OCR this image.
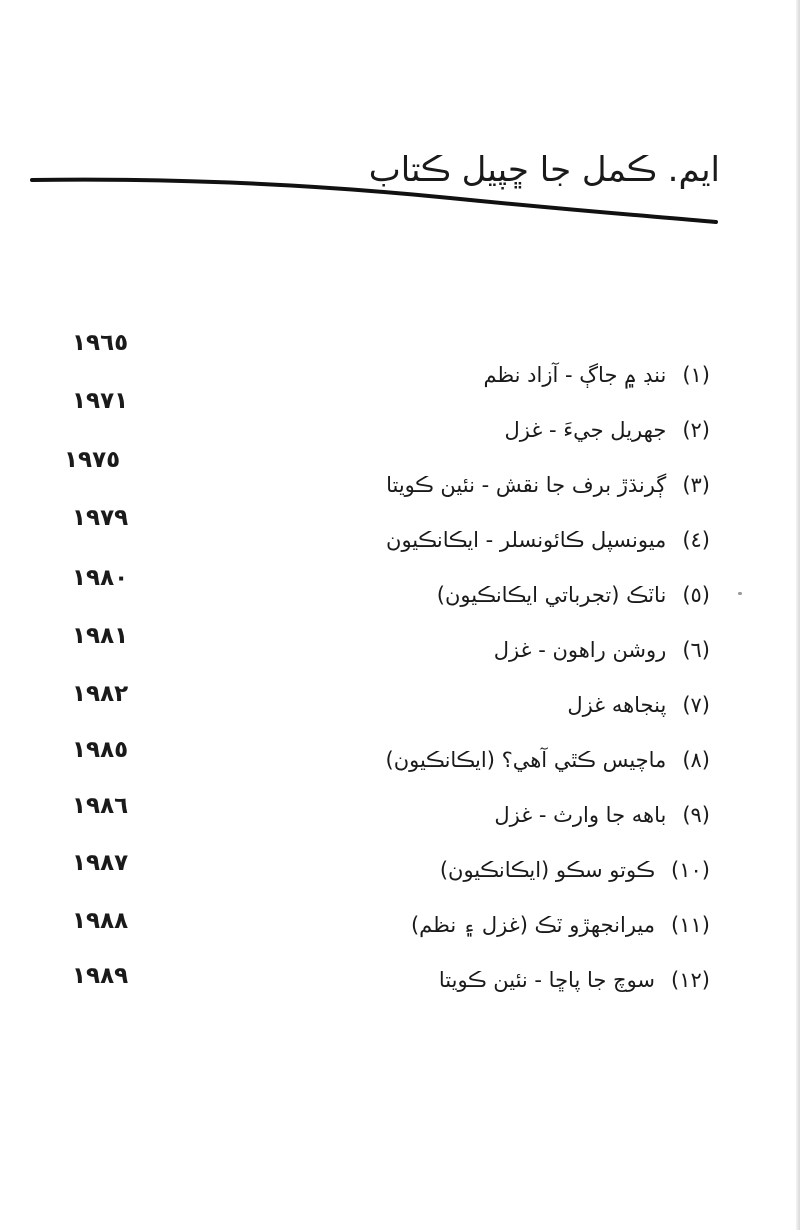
ايم. ڪمل جا ڇپيل ڪتاب
(١)ننڊ ۾ جاڳ - آزاد نظم
١٩٦٥
(٢)جهريل جيءَ - غزل
١٩٧١
(٣)ڳرنڌڙ برف جا نقش - نئين ڪويتا
١٩٧٥
(٤)ميونسپل ڪائونسلر - ايڪانڪيون
١٩٧٩
(٥)ناٽڪ (تجرباتي ايڪانڪيون)
١٩٨٠
(٦)روشن راهون - غزل
١٩٨١
(٧)پنجاهه غزل
١٩٨٢
(٨)ماچيس ڪٿي آهي؟ (ايڪانڪيون)
١٩٨٥
(٩)باهه جا وارث - غزل
١٩٨٦
(١٠)ڪوتو سڪو (ايڪانڪيون)
١٩٨٧
(١١)ميرانجهڙو ٽڪ (غزل ۽ نظم)
١٩٨٨
(١٢)سوچ جا پاڇا - نئين ڪويتا
١٩٨٩
